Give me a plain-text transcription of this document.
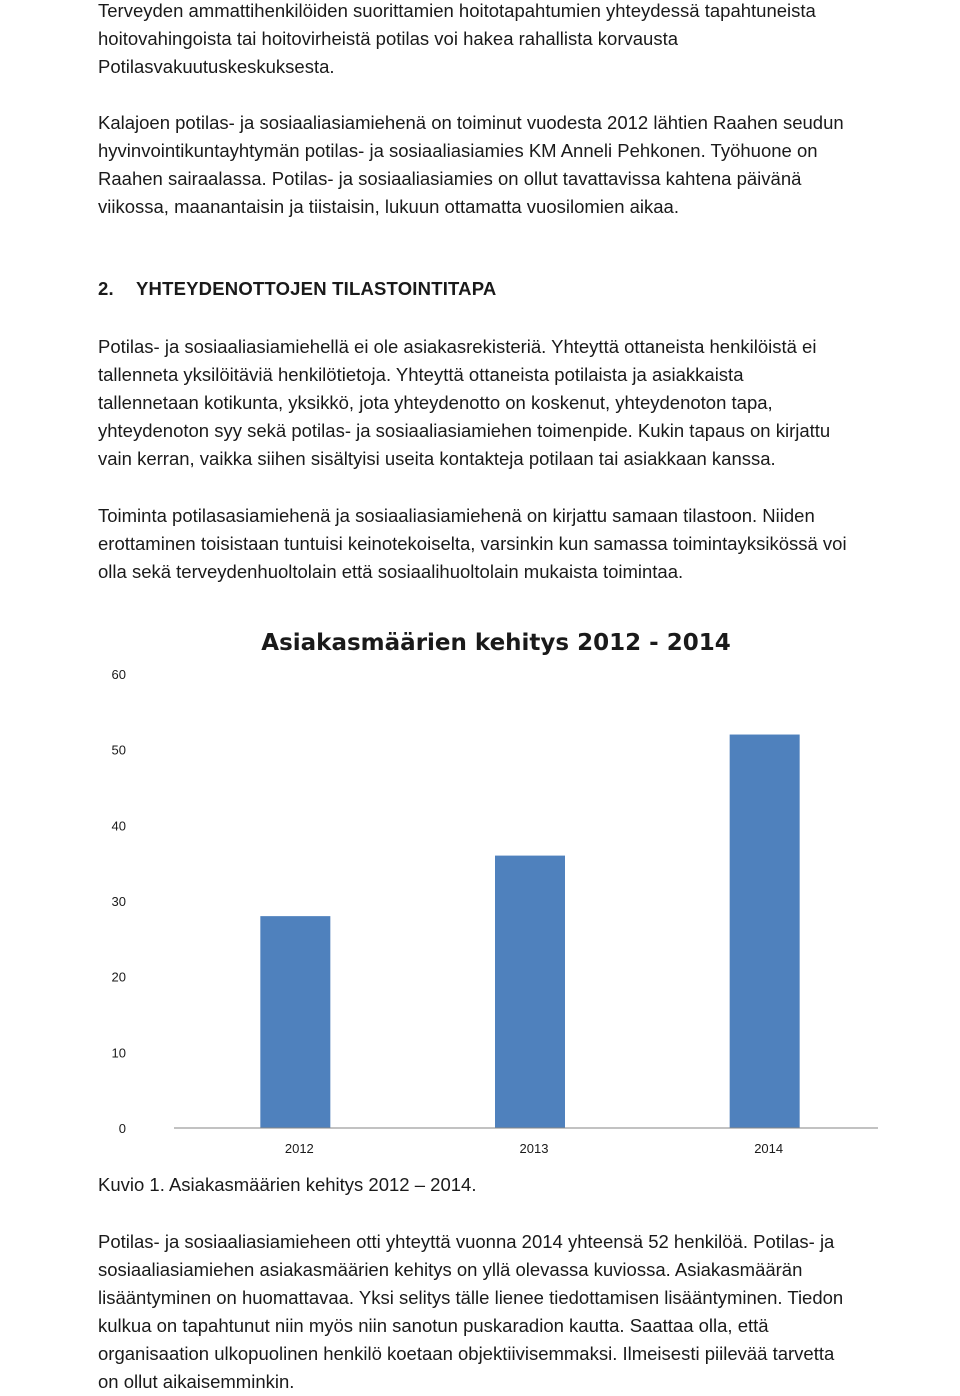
Terveyden ammattihenkilöiden suorittamien hoitotapahtumien yhteydessä tapahtuneista
hoitovahingoista tai hoitovirheistä potilas voi hakea rahallista korvausta
Potilasvakuutuskeskuksesta.
Kalajoen potilas- ja sosiaaliasiamiehenä on toiminut vuodesta 2012 lähtien Raahen seudun
hyvinvointikuntayhtymän potilas- ja sosiaaliasiamies KM Anneli Pehkonen. Työhuone on
Raahen sairaalassa. Potilas- ja sosiaaliasiamies on ollut tavattavissa kahtena päivänä
viikossa, maanantaisin ja tiistaisin, lukuun ottamatta vuosilomien aikaa.
2. YHTEYDENOTTOJEN TILASTOINTITAPA
Potilas- ja sosiaaliasiamiehellä ei ole asiakasrekisteriä. Yhteyttä ottaneista henkilöistä ei
tallenneta yksilöitäviä henkilötietoja. Yhteyttä ottaneista potilaista ja asiakkaista
tallennetaan kotikunta, yksikkö, jota yhteydenotto on koskenut, yhteydenoton tapa,
yhteydenoton syy sekä potilas- ja sosiaaliasiamiehen toimenpide. Kukin tapaus on kirjattu
vain kerran, vaikka siihen sisältyisi useita kontakteja potilaan tai asiakkaan kanssa.
Toiminta potilasasiamiehenä ja sosiaaliasiamiehenä on kirjattu samaan tilastoon. Niiden
erottaminen toisistaan tuntuisi keinotekoiselta, varsinkin kun samassa toimintayksikössä voi
olla sekä terveydenhuoltolain että sosiaalihuoltolain mukaista toimintaa.
Kuvio 1. Asiakasmäärien kehitys 2012 – 2014.
Potilas- ja sosiaaliasiamieheen otti yhteyttä vuonna 2014 yhteensä 52 henkilöä. Potilas- ja
sosiaaliasiamiehen asiakasmäärien kehitys on yllä olevassa kuviossa. Asiakasmäärän
lisääntyminen on huomattavaa. Yksi selitys tälle lienee tiedottamisen lisääntyminen. Tiedon
kulkua on tapahtunut niin myös niin sanotun puskaradion kautta. Saattaa olla, että
organisaation ulkopuolinen henkilö koetaan objektiivisemmaksi. Ilmeisesti piilevää tarvetta
on ollut aikaisemminkin.
Asiakasmäärien kehitys 2012 - 2014
0
10
20
30
40
50
60
2012	2013	2014
